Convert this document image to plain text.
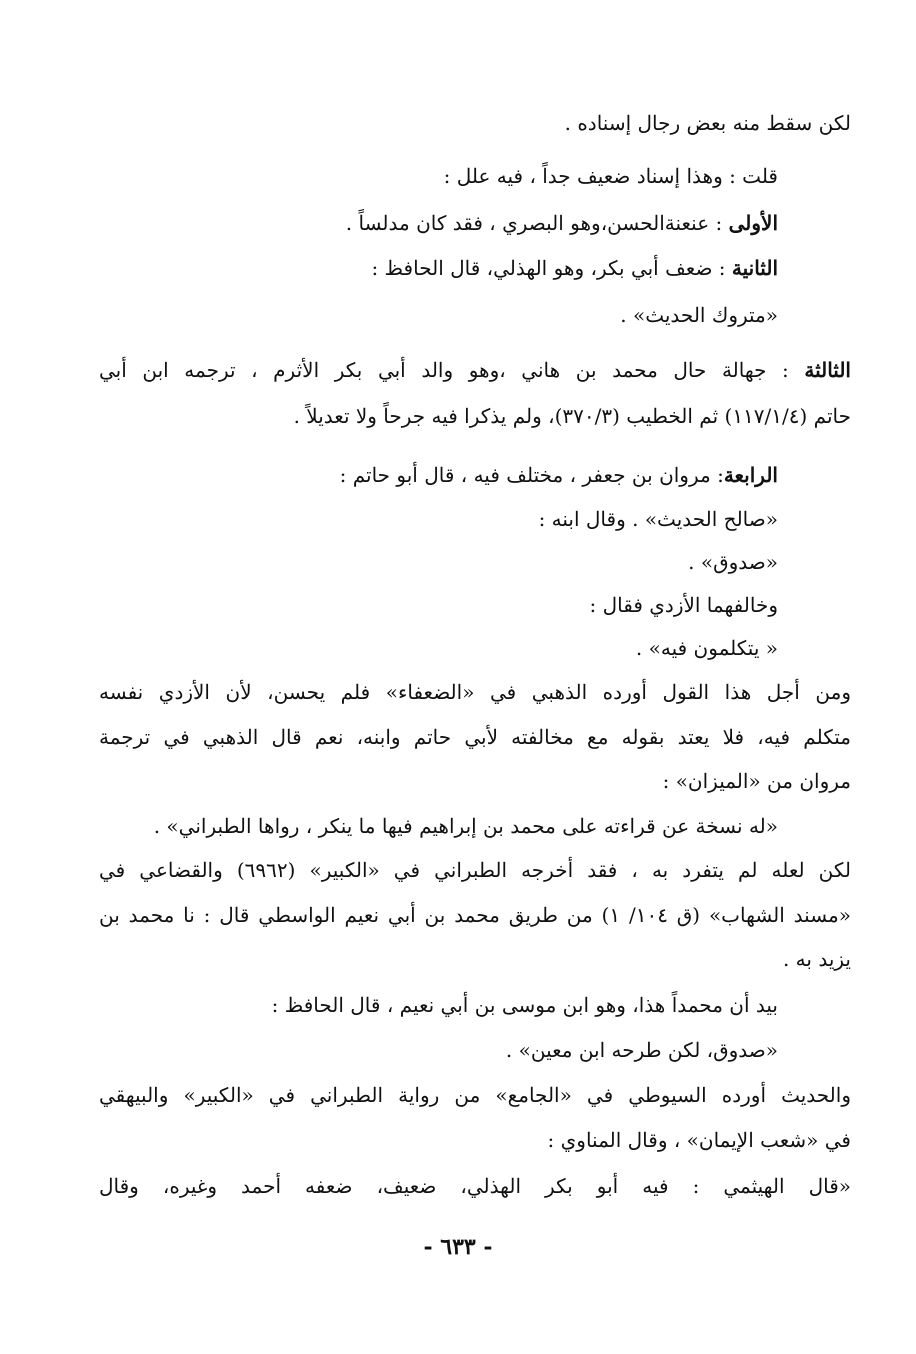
لكن سقط منه بعض رجال إسناده .
قلت : وهذا إسناد ضعيف جداً ، فيه علل :
الأولى : عنعنةالحسن،وهو البصري ، فقد كان مدلساً .
الثانية : ضعف أبي بكر، وهو الهذلي، قال الحافظ :
«متروك الحديث» .
الثالثة : جهالة حال محمد بن هاني ،وهو والد أبي بكر الأثرم ، ترجمه ابن أبي
حاتم (١١٧/١/٤) ثم الخطيب (٣٧٠/٣)، ولم يذكرا فيه جرحاً ولا تعديلاً .
الرابعة: مروان بن جعفر ، مختلف فيه ، قال أبو حاتم :
«صالح الحديث» . وقال ابنه :
«صدوق» .
وخالفهما الأزدي فقال :
« يتكلمون فيه» .
ومن أجل هذا القول أورده الذهبي في «الضعفاء» فلم يحسن، لأن الأزدي نفسه
متكلم فيه، فلا يعتد بقوله مع مخالفته لأبي حاتم وابنه، نعم قال الذهبي في ترجمة
مروان من «الميزان» :
«له نسخة عن قراءته على محمد بن إبراهيم فيها ما ينكر ، رواها الطبراني» .
لكن لعله لم يتفرد به ، فقد أخرجه الطبراني في «الكبير» (٦٩٦٢) والقضاعي في
«مسند الشهاب» (ق ١٠٤/ ١) من طريق محمد بن أبي نعيم الواسطي قال : نا محمد بن
يزيد به .
بيد أن محمداً هذا، وهو ابن موسى بن أبي نعيم ، قال الحافظ :
«صدوق، لكن طرحه ابن معين» .
والحديث أورده السيوطي في «الجامع» من رواية الطبراني في «الكبير» والبيهقي
في «شعب الإيمان» ، وقال المناوي :
«قال الهيثمي : فيه أبو بكر الهذلي، ضعيف، ضعفه أحمد وغيره، وقال
- ٦٣٣ -
